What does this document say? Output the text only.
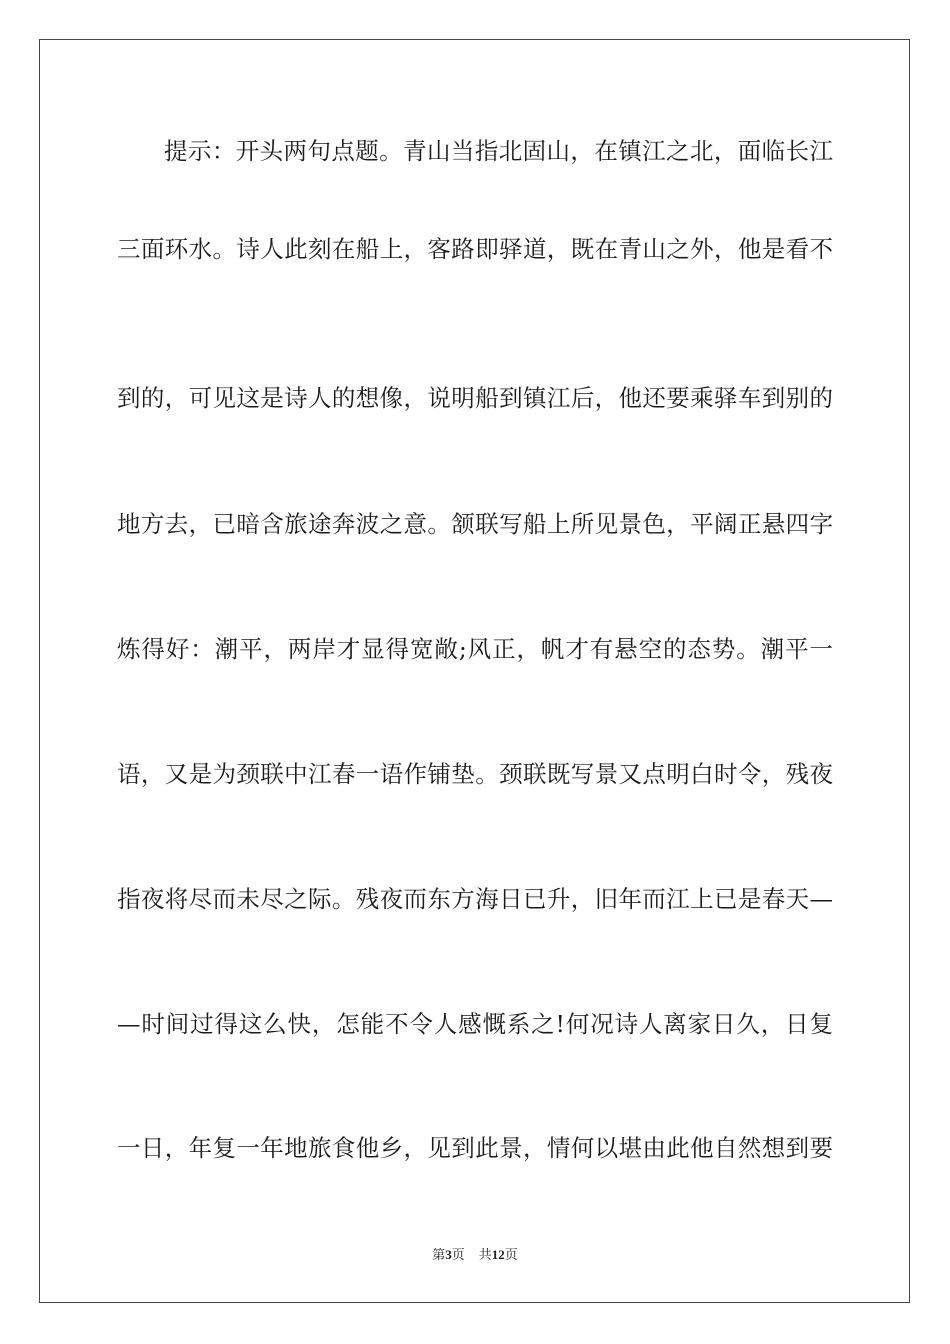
提示：开头两句点题。青山当指北固山，在镇江之北，面临长江
三面环水。诗人此刻在船上，客路即驿道，既在青山之外，他是看不
到的，可见这是诗人的想像，说明船到镇江后，他还要乘驿车到别的
地方去，已暗含旅途奔波之意。颔联写船上所见景色，平阔正悬四字
炼得好：潮平，两岸才显得宽敞;风正，帆才有悬空的态势。潮平一
语，又是为颈联中江春一语作铺垫。颈联既写景又点明白时令，残夜
指夜将尽而未尽之际。残夜而东方海日已升，旧年而江上已是春天—
—时间过得这么快，怎能不令人感慨系之!何况诗人离家日久，日复
一日，年复一年地旅食他乡，见到此景，情何以堪由此他自然想到要
第3页 共12页
